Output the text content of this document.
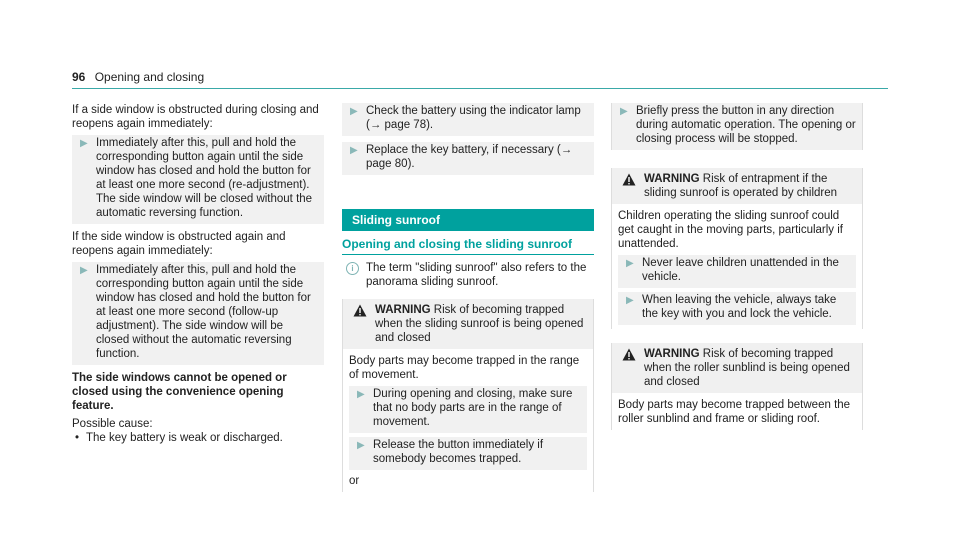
96 Opening and closing

If a side window is obstructed during closing and reopens again immediately:

▶ Immediately after this, pull and hold the corresponding button again until the side window has closed and hold the button for at least one more second (re-adjustment). The side window will be closed without the automatic reversing function.

If the side window is obstructed again and reopens again immediately:

▶ Immediately after this, pull and hold the corresponding button again until the side window has closed and hold the button for at least one more second (follow-up adjustment). The side window will be closed without the automatic reversing function.

The side windows cannot be opened or closed using the convenience opening feature.

Possible cause:

• The key battery is weak or discharged.
▶ Check the battery using the indicator lamp (→ page 78).
▶ Replace the key battery, if necessary (→ page 80).
Sliding sunroof
Opening and closing the sliding sunroof
i	The term "sliding sunroof" also refers to the panorama sliding sunroof.
WARNING Risk of becoming trapped when the sliding sunroof is being opened and closed

Body parts may become trapped in the range of movement.

▶ During opening and closing, make sure that no body parts are in the range of movement.
▶ Release the button immediately if somebody becomes trapped.

or

▶ Briefly press the button in any direction during automatic operation. The opening or closing process will be stopped.
WARNING Risk of entrapment if the sliding sunroof is operated by children

Children operating the sliding sunroof could get caught in the moving parts, particularly if unattended.

▶ Never leave children unattended in the vehicle.
▶ When leaving the vehicle, always take the key with you and lock the vehicle.
WARNING Risk of becoming trapped when the roller sunblind is being opened and closed

Body parts may become trapped between the roller sunblind and frame or sliding roof.
